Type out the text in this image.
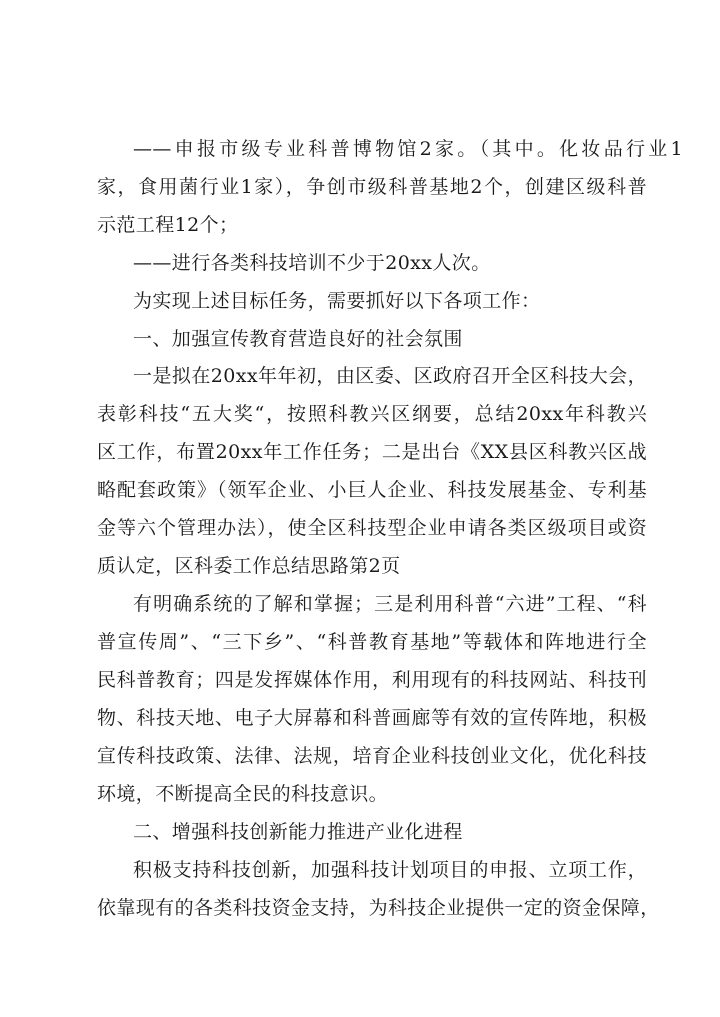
——申报市级专业科普博物馆2家。（其中。化妆品行业1
家，食用菌行业1家），争创市级科普基地2个，创建区级科普
示范工程12个；
——进行各类科技培训不少于20xx人次。
为实现上述目标任务，需要抓好以下各项工作：
一、加强宣传教育营造良好的社会氛围
一是拟在20xx年年初，由区委、区政府召开全区科技大会，
表彰科技“五大奖“，按照科教兴区纲要，总结20xx年科教兴
区工作，布置20xx年工作任务；二是出台《XX县区科教兴区战
略配套政策》（领军企业、小巨人企业、科技发展基金、专利基
金等六个管理办法），使全区科技型企业申请各类区级项目或资
质认定，区科委工作总结思路第2页
有明确系统的了解和掌握；三是利用科普“六进”工程、“科
普宣传周”、“三下乡”、“科普教育基地”等载体和阵地进行全
民科普教育；四是发挥媒体作用，利用现有的科技网站、科技刊
物、科技天地、电子大屏幕和科普画廊等有效的宣传阵地，积极
宣传科技政策、法律、法规，培育企业科技创业文化，优化科技
环境，不断提高全民的科技意识。
二、增强科技创新能力推进产业化进程
积极支持科技创新，加强科技计划项目的申报、立项工作，
依靠现有的各类科技资金支持，为科技企业提供一定的资金保障，
